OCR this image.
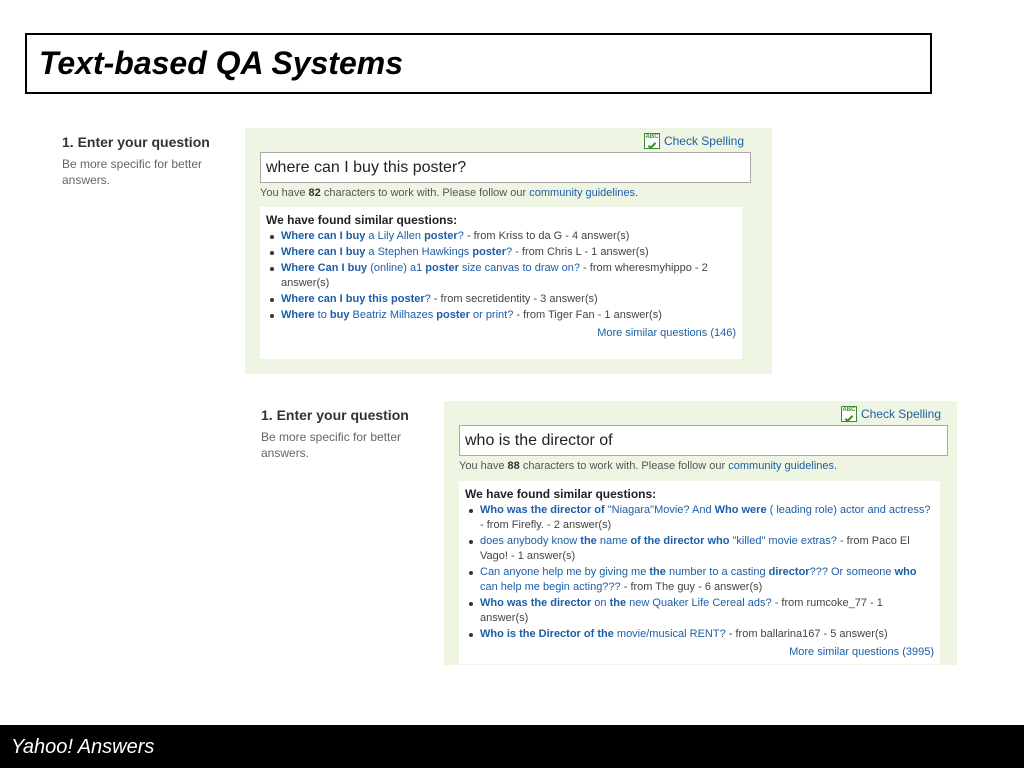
Text-based QA Systems
1. Enter your question
Be more specific for better answers.
ABC Check Spelling
where can I buy this poster?
You have 82 characters to work with. Please follow our community guidelines.
We have found similar questions:
Where can I buy a Lily Allen poster? - from Kriss to da G - 4 answer(s)
Where can I buy a Stephen Hawkings poster? - from Chris L - 1 answer(s)
Where Can I buy (online) a1 poster size canvas to draw on? - from wheresmyhippo - 2 answer(s)
Where can I buy this poster? - from secretidentity - 3 answer(s)
Where to buy Beatriz Milhazes poster or print? - from Tiger Fan - 1 answer(s)
More similar questions (146)
1. Enter your question
Be more specific for better answers.
ABC Check Spelling
who is the director of
You have 88 characters to work with. Please follow our community guidelines.
We have found similar questions:
Who was the director of "Niagara"Movie? And Who were ( leading role) actor and actress? - from Firefly. - 2 answer(s)
does anybody know the name of the director who "killed" movie extras? - from Paco El Vago! - 1 answer(s)
Can anyone help me by giving me the number to a casting director??? Or someone who can help me begin acting??? - from The guy - 6 answer(s)
Who was the director on the new Quaker Life Cereal ads? - from rumcoke_77 - 1 answer(s)
Who is the Director of the movie/musical RENT? - from ballarina167 - 5 answer(s)
More similar questions (3995)
Yahoo! Answers
